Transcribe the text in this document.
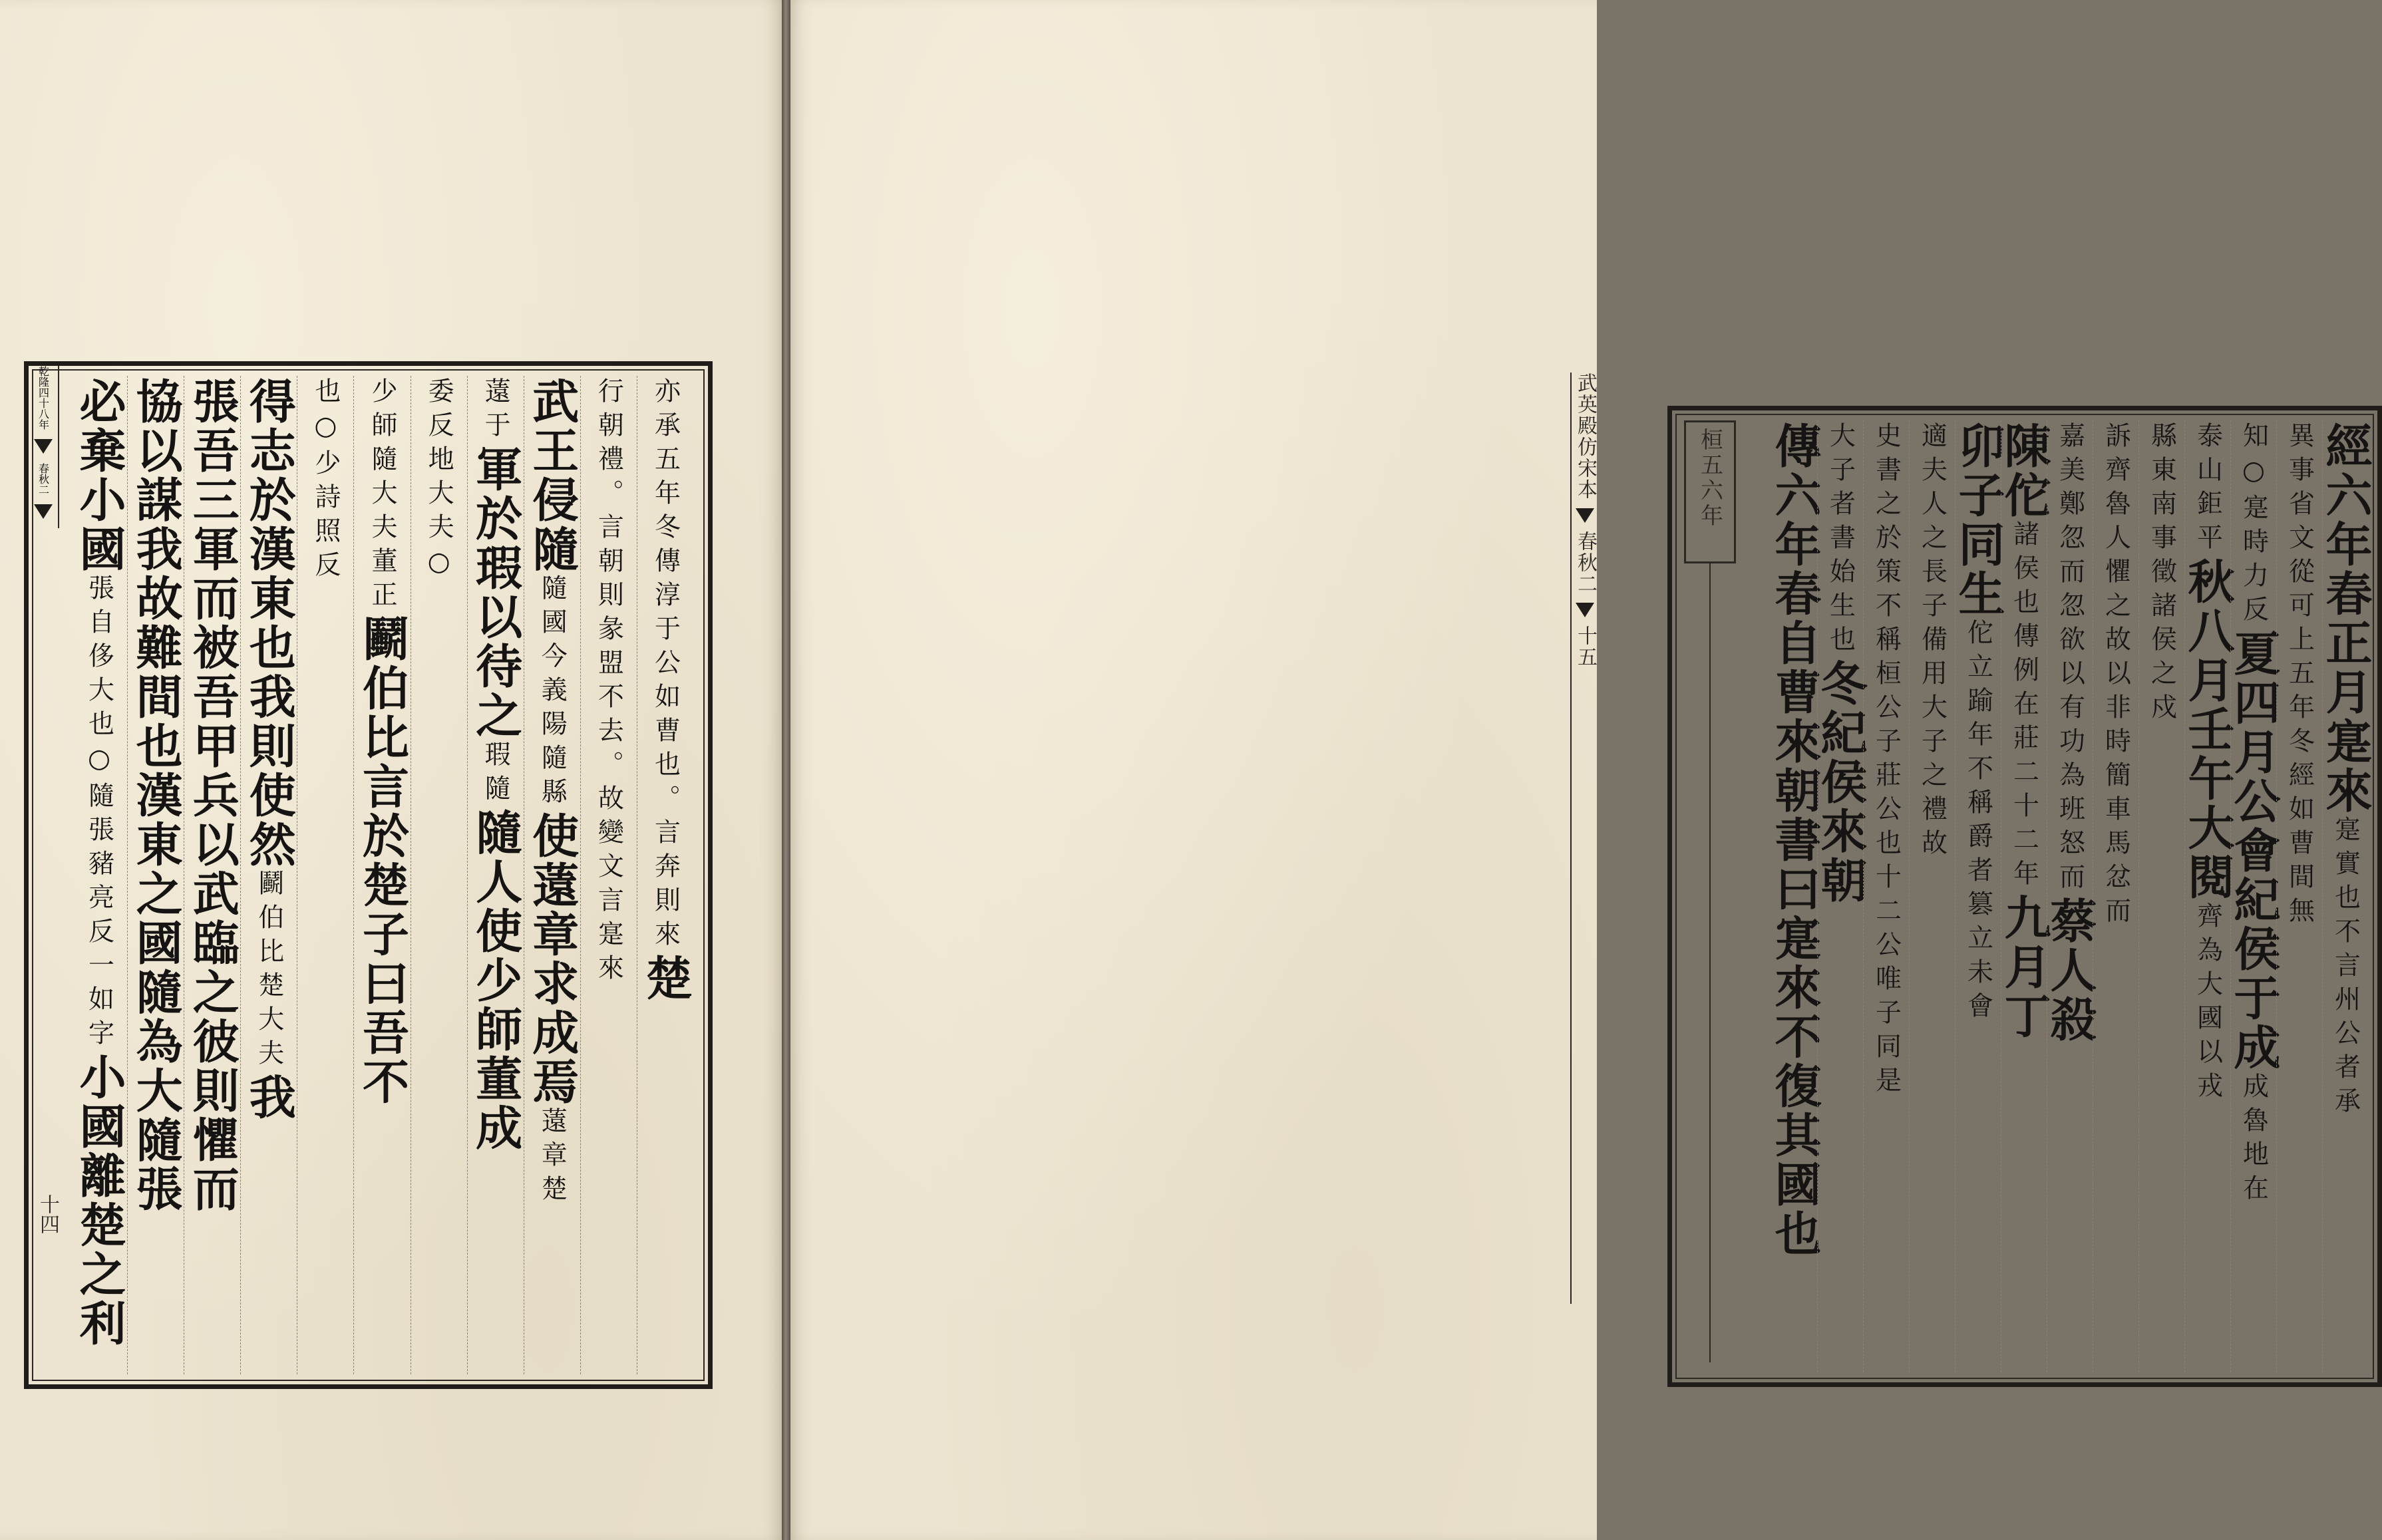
乾隆四十八年
春秋二
十四
亦承五年冬傳淳于公如曹也。言奔則來
楚
行朝禮。言朝則彖盟不去。故變文言寔來
武王侵隨
隨國今義陽隨縣
使薳章求成焉
薳章楚
薳于
軍於瑕以待之
瑕隨
隨人使少師董成
委反
地
大夫○
少師隨大夫董正
鬬伯比言於楚子曰吾不
也○少詩照反
得志於漢東也我則使然
鬬伯比楚大夫
我
張吾三軍而被吾甲兵以武臨之彼則懼而
協以謀我故難間也漢東之國隨為大隨張
必棄小國
張自侈大也○隨張豬亮反一如字
小國離楚之利
桓五六年	經六年春正月寔來
寔實也不言州公者承
異事省文從可
上五年冬經如曹間無
知○寔時力反
夏四月公會紀侯于成
成魯地在
泰山鉅平
秋八月壬午大閱
齊為大國以戎
縣東南
事徵諸侯之戍
訴齊魯人懼之故以非時簡車馬
忿而
嘉美鄭忽而忽欲以有功為班怒而
蔡人殺
陳佗
諸侯也傳例在莊二十二年
九月丁
卯子同生
佗立踰年不稱爵者篡立未會
適夫人之長子備用大子之禮故
史書之於策不稱
桓公子莊公也十二公唯子同是
大子者書始生也
冬紀侯來朝
傳六年春自曹來朝書曰寔來不復其國也
武英殿仿宋本
春秋二
十五
